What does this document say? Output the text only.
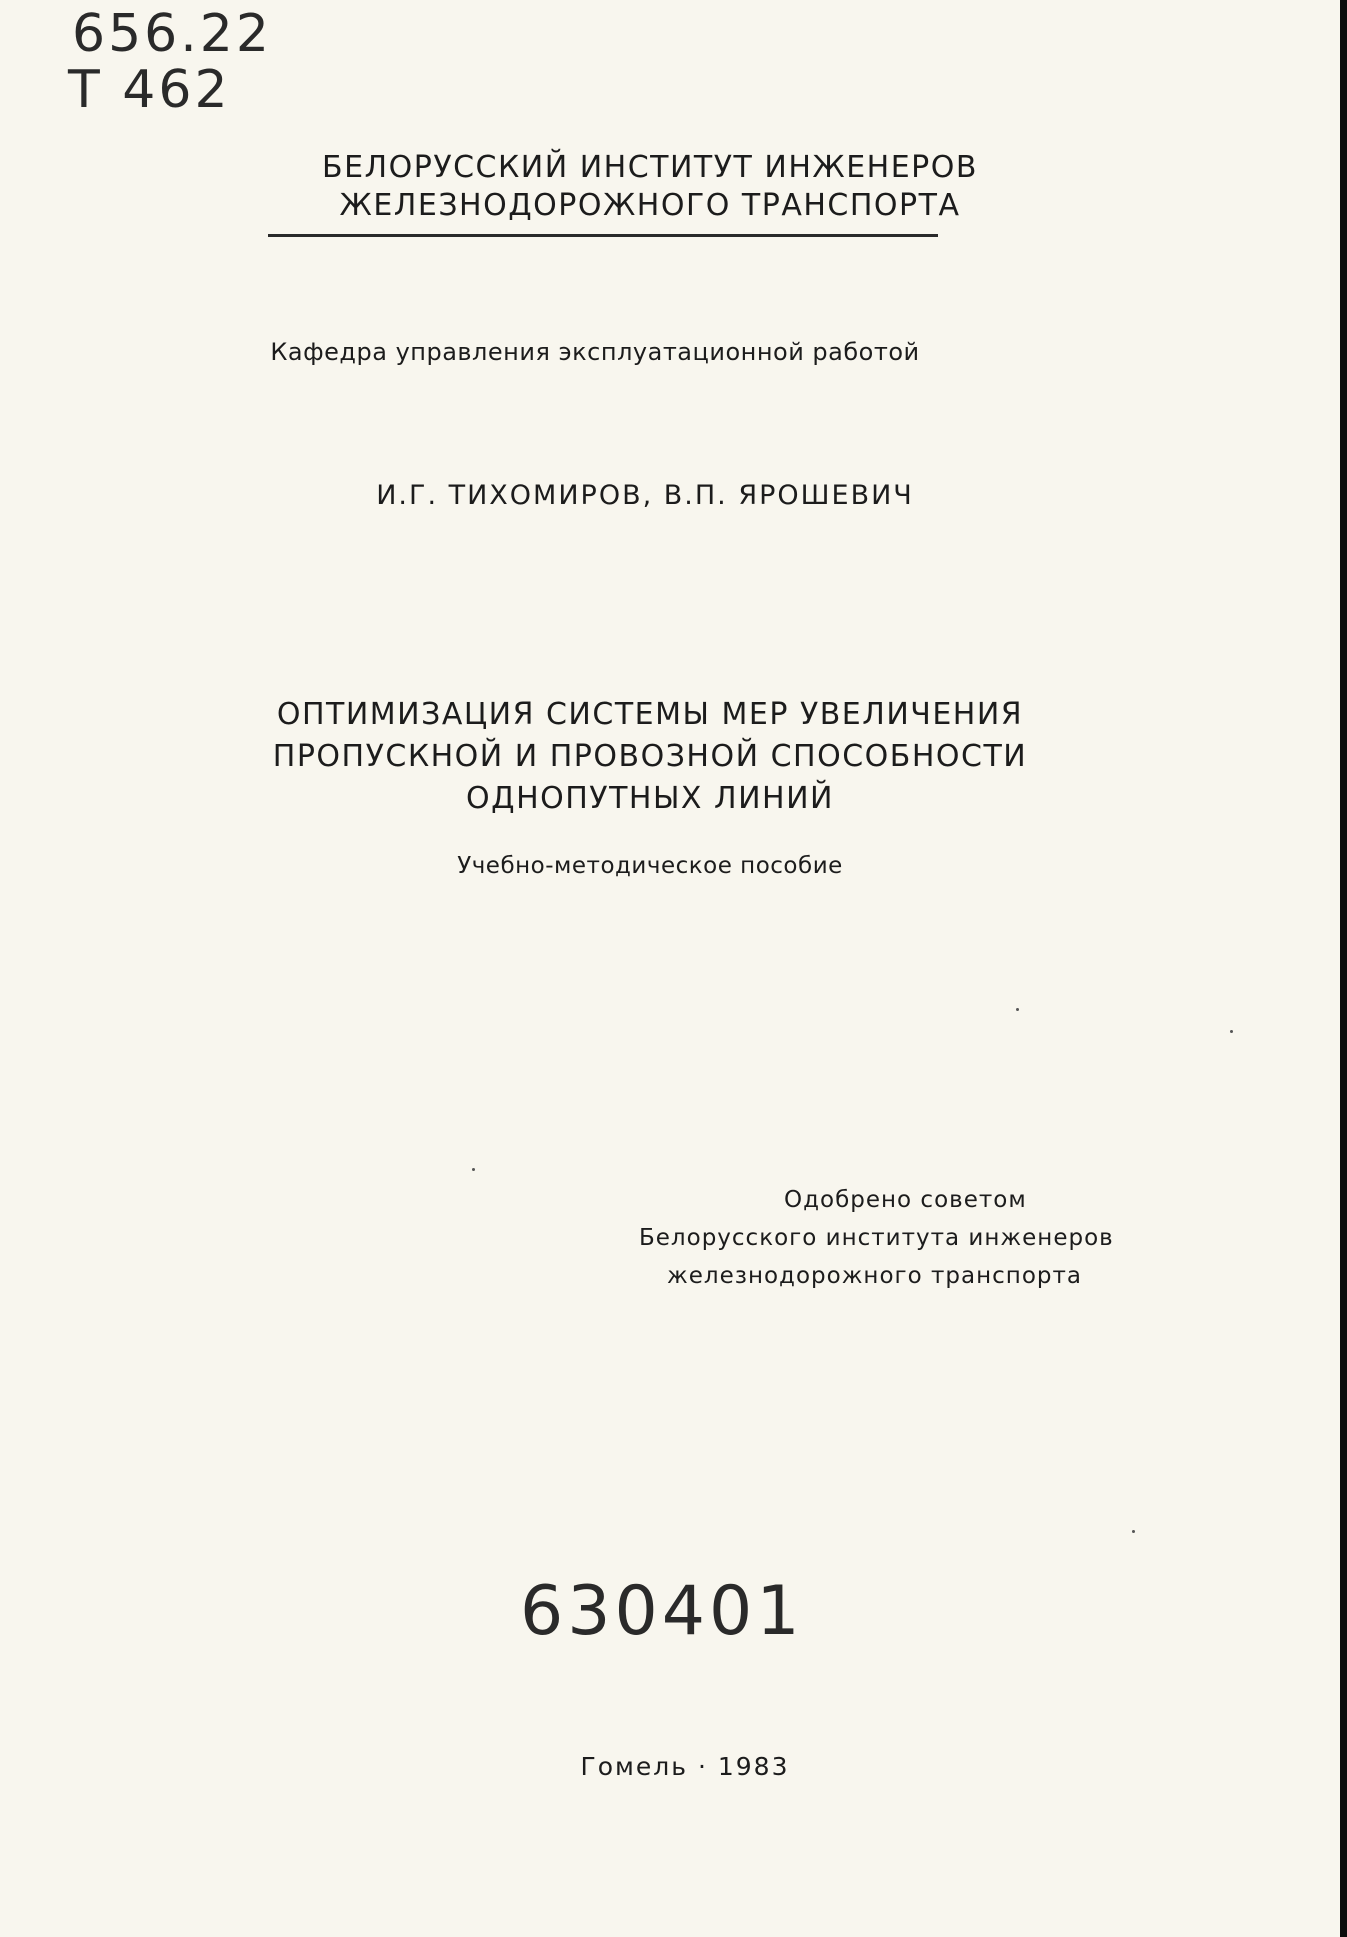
656.22
Т 462
БЕЛОРУССКИЙ ИНСТИТУТ ИНЖЕНЕРОВ
ЖЕЛЕЗНОДОРОЖНОГО ТРАНСПОРТА
Кафедра управления эксплуатационной работой
И.Г. ТИХОМИРОВ, В.П. ЯРОШЕВИЧ
ОПТИМИЗАЦИЯ СИСТЕМЫ МЕР УВЕЛИЧЕНИЯ
ПРОПУСКНОЙ И ПРОВОЗНОЙ СПОСОБНОСТИ
ОДНОПУТНЫХ ЛИНИЙ
Учебно-методическое пособие
Одобрено советом
Белорусского института инженеров
железнодорожного транспорта
630401
Гомель · 1983
